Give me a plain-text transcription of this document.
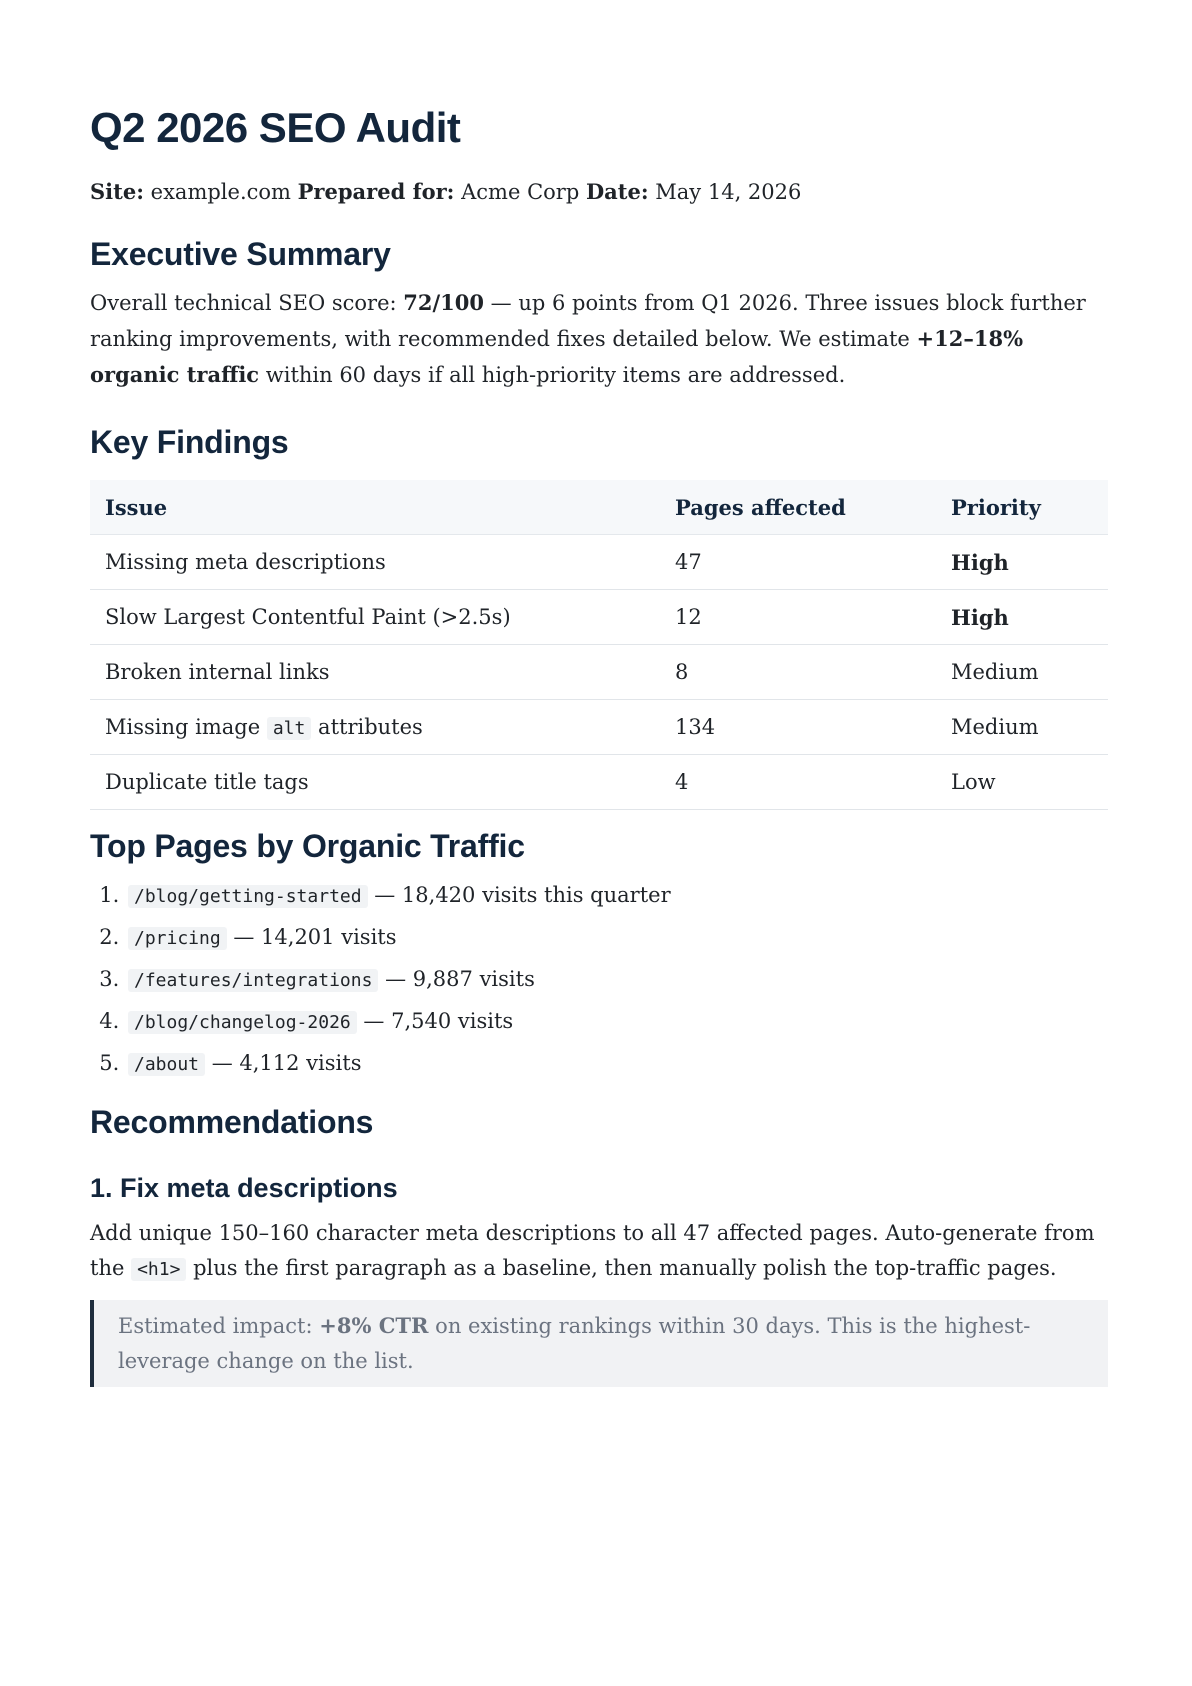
Q2 2026 SEO Audit
Site: example.com Prepared for: Acme Corp Date: May 14, 2026
Executive Summary

Overall technical SEO score: 72/100 — up 6 points from Q1 2026. Three issues block further ranking improvements, with recommended fixes detailed below. We estimate +12–18% organic traffic within 60 days if all high-priority items are addressed.

Key Findings
Issue	Pages affected	Priority
Missing meta descriptions	47	High
Slow Largest Contentful Paint (>2.5s)	12	High
Broken internal links	8	Medium
Missing image alt attributes	134	Medium
Duplicate title tags	4	Low
Top Pages by Organic Traffic
1. /blog/getting-started — 18,420 visits this quarter
2. /pricing — 14,201 visits
3. /features/integrations — 9,887 visits
4. /blog/changelog-2026 — 7,540 visits
5. /about — 4,112 visits
Recommendations
1. Fix meta descriptions

Add unique 150–160 character meta descriptions to all 47 affected pages. Auto-generate from the <h1> plus the first paragraph as a baseline, then manually polish the top-traffic pages.

Estimated impact: +8% CTR on existing rankings within 30 days. This is the highest-leverage change on the list.
